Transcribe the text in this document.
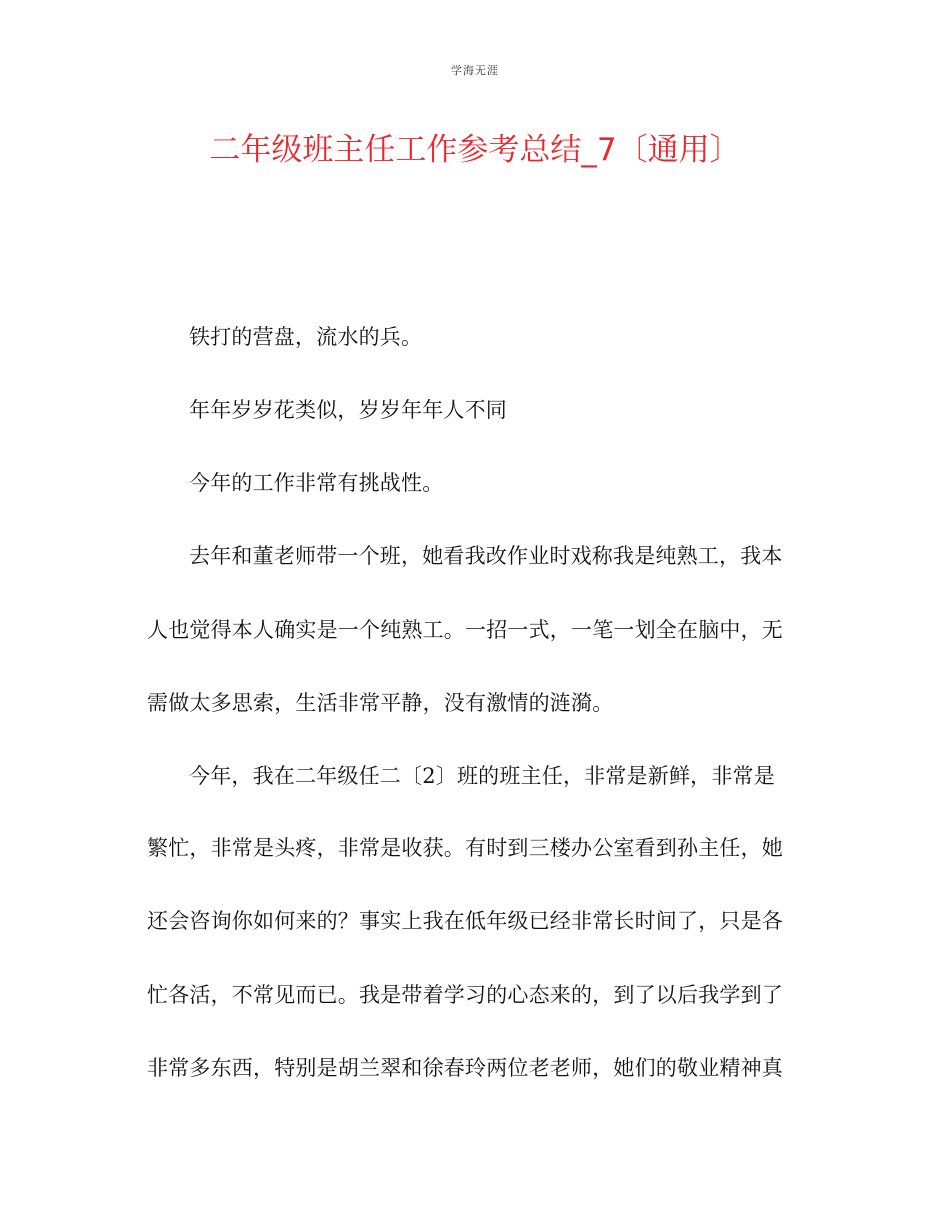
学海无涯
二年级班主任工作参考总结_7〔通用〕
铁打的营盘，流水的兵。
年年岁岁花类似，岁岁年年人不同
今年的工作非常有挑战性。
去年和董老师带一个班，她看我改作业时戏称我是纯熟工，我本
人也觉得本人确实是一个纯熟工。一招一式，一笔一划全在脑中，无
需做太多思索，生活非常平静，没有激情的涟漪。
今年，我在二年级任二〔2〕班的班主任，非常是新鲜，非常是
繁忙，非常是头疼，非常是收获。有时到三楼办公室看到孙主任，她
还会咨询你如何来的？事实上我在低年级已经非常长时间了，只是各
忙各活，不常见而已。我是带着学习的心态来的，到了以后我学到了
非常多东西，特别是胡兰翠和徐春玲两位老老师，她们的敬业精神真
